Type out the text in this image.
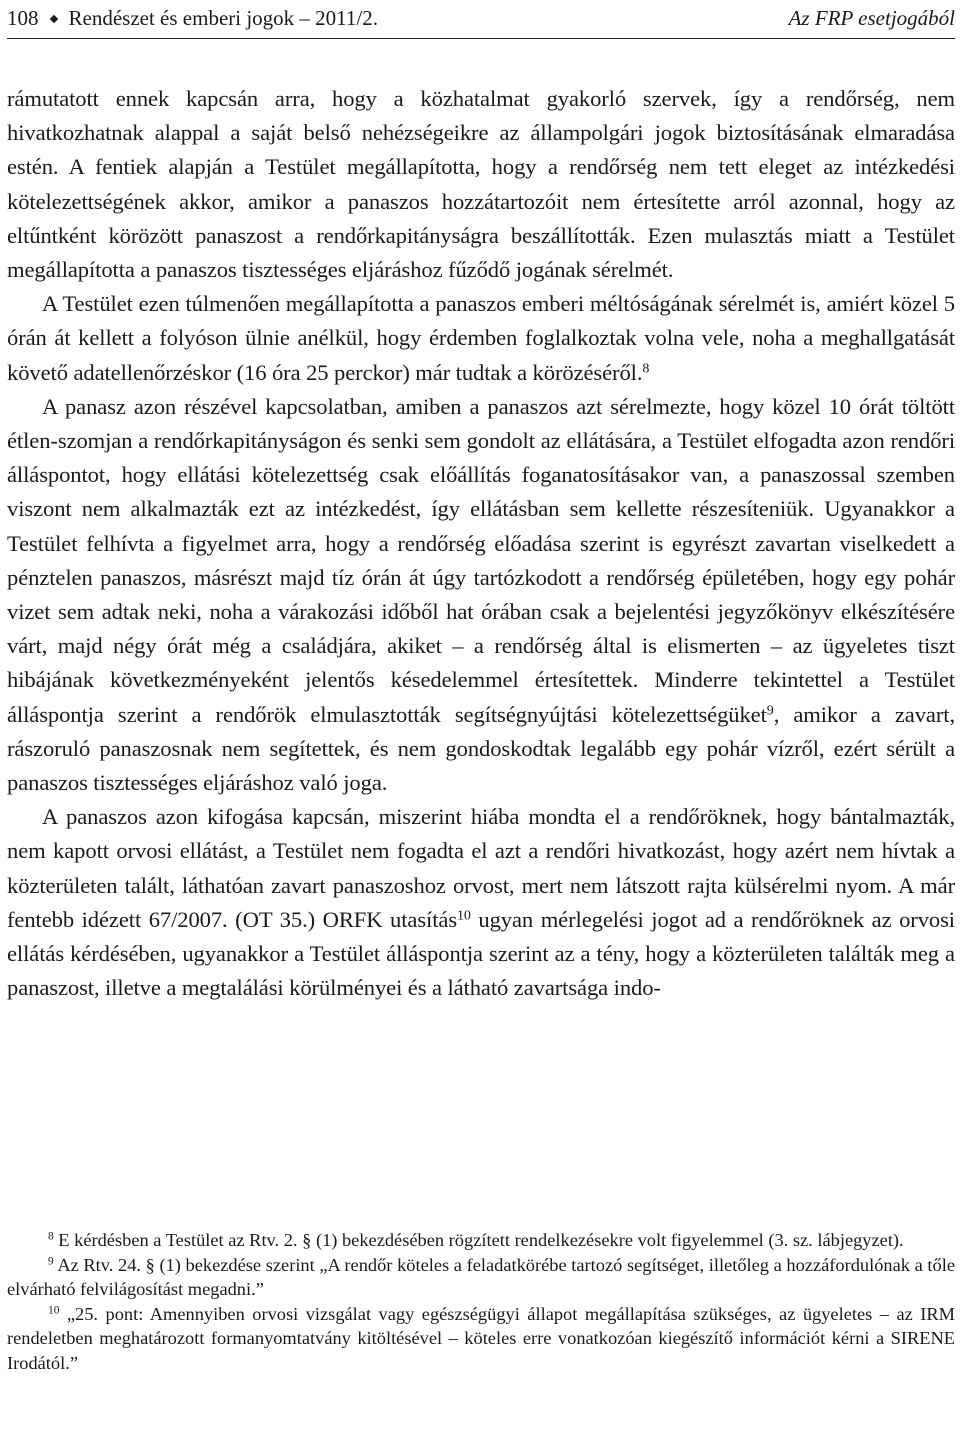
108 Rendészet és emberi jogok – 2011/2.	Az FRP esetjogából

rámutatott ennek kapcsán arra, hogy a közhatalmat gyakorló szervek, így a rendőrség, nem hivatkozhatnak alappal a saját belső nehézségeikre az állampolgári jogok biztosításának elmaradása estén. A fentiek alapján a Testület megállapította, hogy a rendőrség nem tett eleget az intézkedési kötelezettségének akkor, amikor a panaszos hozzátartozóit nem értesítette arról azonnal, hogy az eltűntként körözött panaszost a rendőrkapitányságra beszállították. Ezen mulasztás miatt a Testület megállapította a panaszos tisztességes eljáráshoz fűződő jogának sérelmét.

A Testület ezen túlmenően megállapította a panaszos emberi méltóságának sérelmét is, amiért közel 5 órán át kellett a folyóson ülnie anélkül, hogy érdemben foglalkoztak volna vele, noha a meghallgatását követő adatellenőrzéskor (16 óra 25 perckor) már tudtak a körözéséről.$^8$

A panasz azon részével kapcsolatban, amiben a panaszos azt sérelmezte, hogy közel 10 órát töltött étlen-szomjan a rendőrkapitányságon és senki sem gondolt az ellátására, a Testület elfogadta azon rendőri álláspontot, hogy ellátási kötelezettség csak előállítás foganatosításakor van, a panaszossal szemben viszont nem alkalmazták ezt az intézkedést, így ellátásban sem kellette részesíteniük. Ugyanakkor a Testület felhívta a figyelmet arra, hogy a rendőrség előadása szerint is egyrészt zavartan viselkedett a pénztelen panaszos, másrészt majd tíz órán át úgy tartózkodott a rendőrség épületében, hogy egy pohár vizet sem adtak neki, noha a várakozási időből hat órában csak a bejelentési jegyzőkönyv elkészítésére várt, majd négy órát még a családjára, akiket – a rendőrség által is elismerten – az ügyeletes tiszt hibájának következményeként jelentős késedelemmel értesítettek. Minderre tekintettel a Testület álláspontja szerint a rendőrök elmulasztották segítségnyújtási kötelezettségüket$^9$, amikor a zavart, rászoruló panaszosnak nem segítettek, és nem gondoskodtak legalább egy pohár vízről, ezért sérült a panaszos tisztességes eljáráshoz való joga.

A panaszos azon kifogása kapcsán, miszerint hiába mondta el a rendőröknek, hogy bántalmazták, nem kapott orvosi ellátást, a Testület nem fogadta el azt a rendőri hivatkozást, hogy azért nem hívtak a közterületen talált, láthatóan zavart panaszoshoz orvost, mert nem látszott rajta külsérelmi nyom. A már fentebb idézett 67/2007. (OT 35.) ORFK utasítás$^{10}$ ugyan mérlegelési jogot ad a rendőröknek az orvosi ellátás kérdésében, ugyanakkor a Testület álláspontja szerint az a tény, hogy a közterületen találták meg a panaszost, illetve a megtalálási körülményei és a látható zavartsága indo-

$^8$ E kérdésben a Testület az Rtv. 2. § (1) bekezdésében rögzített rendelkezésekre volt figyelemmel (3. sz. lábjegyzet).

$^9$ Az Rtv. 24. § (1) bekezdése szerint „A rendőr köteles a feladatkörébe tartozó segítséget, illetőleg a hozzáfordulónak a tőle elvárható felvilágosítást megadni.”

$^{10}$ „25. pont: Amennyiben orvosi vizsgálat vagy egészségügyi állapot megállapítása szükséges, az ügyeletes – az IRM rendeletben meghatározott formanyomtatvány kitöltésével – köteles erre vonatkozóan kiegészítő információt kérni a SIRENE Irodától.”
